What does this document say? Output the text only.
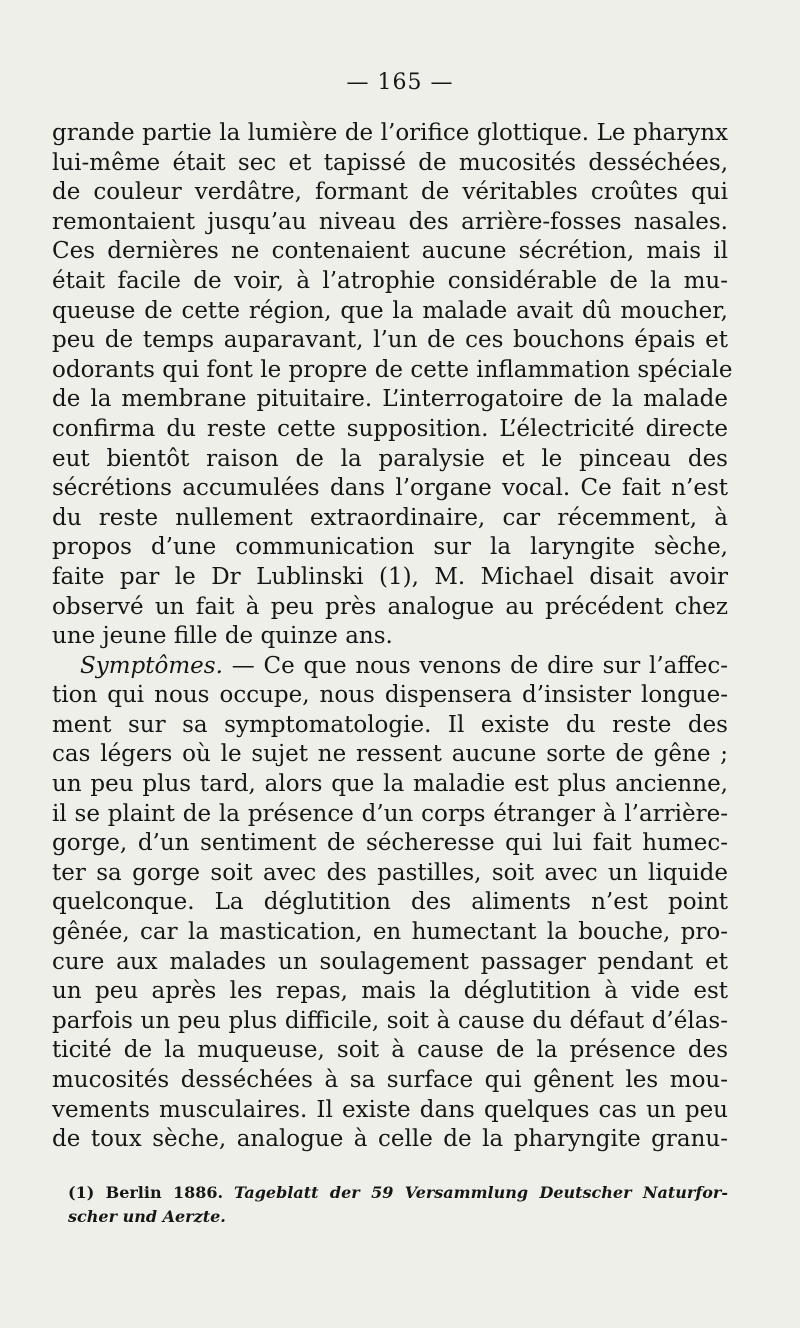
— 165 —
grande partie la lumière de l’orifice glottique. Le pharynx
lui-même était sec et tapissé de mucosités desséchées,
de couleur verdâtre, formant de véritables croûtes qui
remontaient jusqu’au niveau des arrière-fosses nasales.
Ces dernières ne contenaient aucune sécrétion, mais il
était facile de voir, à l’atrophie considérable de la mu-
queuse de cette région, que la malade avait dû moucher,
peu de temps auparavant, l’un de ces bouchons épais et
odorants qui font le propre de cette inflammation spéciale
de la membrane pituitaire. L’interrogatoire de la malade
confirma du reste cette supposition. L’électricité directe
eut bientôt raison de la paralysie et le pinceau des
sécrétions accumulées dans l’organe vocal. Ce fait n’est
du reste nullement extraordinaire, car récemment, à
propos d’une communication sur la laryngite sèche,
faite par le Dr Lublinski (1), M. Michael disait avoir
observé un fait à peu près analogue au précédent chez
une jeune fille de quinze ans.
Symptômes. — Ce que nous venons de dire sur l’affec-
tion qui nous occupe, nous dispensera d’insister longue-
ment sur sa symptomatologie. Il existe du reste des
cas légers où le sujet ne ressent aucune sorte de gêne ;
un peu plus tard, alors que la maladie est plus ancienne,
il se plaint de la présence d’un corps étranger à l’arrière-
gorge, d’un sentiment de sécheresse qui lui fait humec-
ter sa gorge soit avec des pastilles, soit avec un liquide
quelconque. La déglutition des aliments n’est point
gênée, car la mastication, en humectant la bouche, pro-
cure aux malades un soulagement passager pendant et
un peu après les repas, mais la déglutition à vide est
parfois un peu plus difficile, soit à cause du défaut d’élas-
ticité de la muqueuse, soit à cause de la présence des
mucosités desséchées à sa surface qui gênent les mou-
vements musculaires. Il existe dans quelques cas un peu
de toux sèche, analogue à celle de la pharyngite granu-
(1) Berlin 1886. Tageblatt der 59 Versammlung Deutscher Naturfor-
scher und Aerzte.
